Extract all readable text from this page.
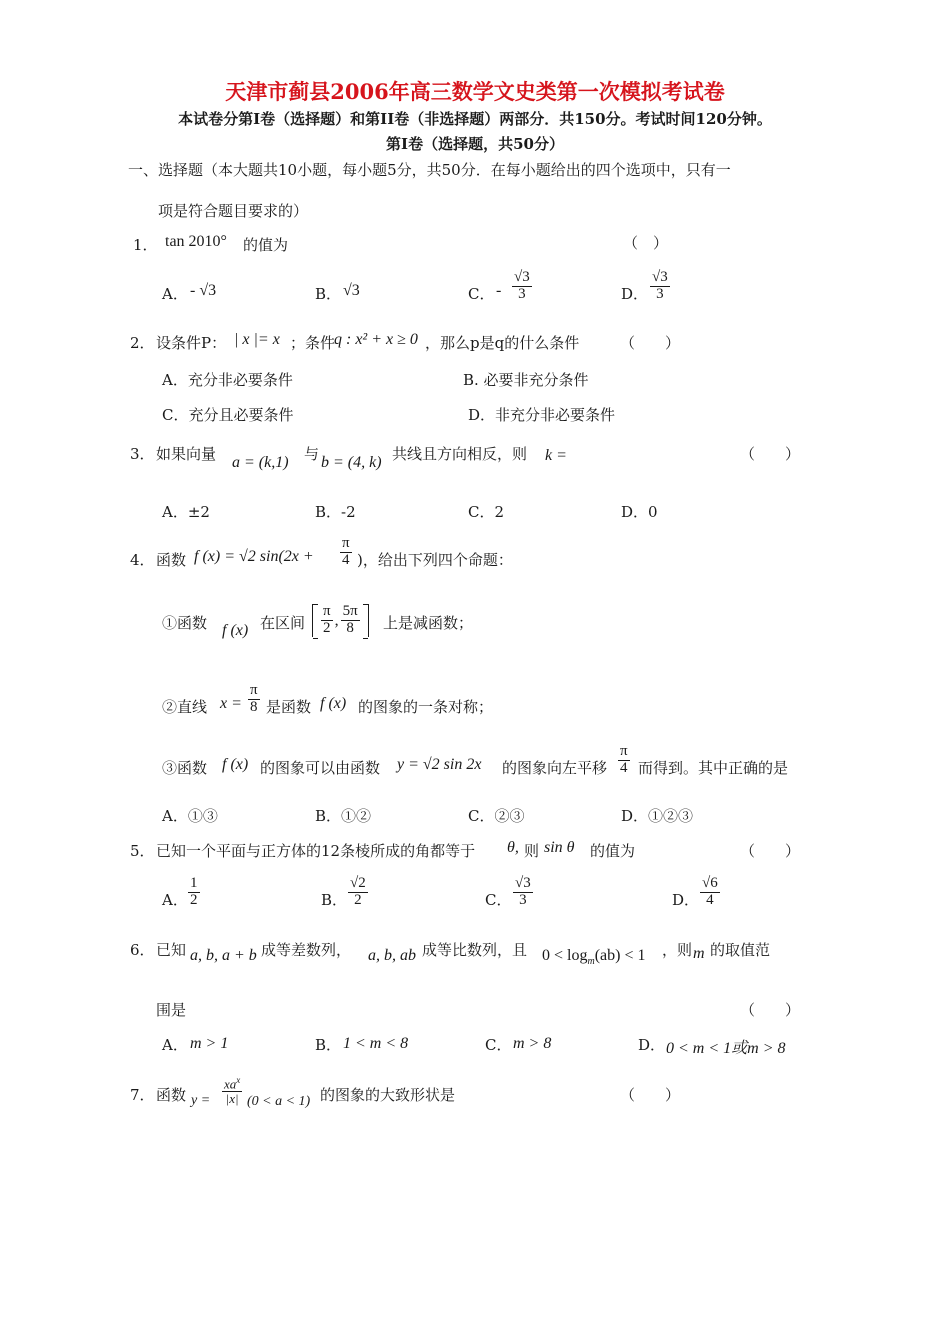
天津市蓟县2006年高三数学文史类第一次模拟考试卷
本试卷分第Ⅰ卷（选择题）和第II卷（非选择题）两部分．共150分。考试时间120分钟。
第Ⅰ卷（选择题，共50分）
一、选择题（本大题共10小题，每小题5分，共50分．在每小题给出的四个选项中，只有一
项是符合题目要求的）
1． tan 2010° 的值为	（　）
A． - √3	B． √3	C． - $\frac{√3}{3}$	D． $\frac{√3}{3}$
2． 设条件P： | x |= x ；条件
q : x² + x ≥ 0 ，那么p是q的什么条件	（　　）
A．充分非必要条件	B. 必要非充分条件
C．充分且必要条件	D．非充分非必要条件
3． 如果向量 a = (k,1) 与 b = (4, k) 共线且方向相反，则 k =	（　　）
A．±2	B．-2	C．2	D．0
4． 函数 f (x) = √2 $\sin(2x + \frac{\pi}{4}$ )，给出下列四个命题：
①函数 f (x) 在区间 $\frac{\pi}{2}$ , $\frac{5\pi}{8}$ 上是减函数；
②直线 $x = \frac{\pi}{8}$ 是函数 f (x) 的图象的一条对称；
③函数 f (x) 的图象可以由函数 y = √2 sin 2x 的图象向左平移 $\frac{\pi}{4}$ 而得到。其中正确的是
A．①③	B．①②	C．②③	D．①②③
5． 已知一个平面与正方体的12条棱所成的角都等于 θ, 则 sin θ 的值为	（　　）
A． $\frac{1}{2}$	B． $\frac{√2}{2}$	C． $\frac{√3}{3}$	D． $\frac{√6}{4}$
6． 已知 a, b, a + b 成等差数列， a, b, ab 成等比数列，且 $0 < \log_m(ab) < 1$ ，则 m 的取值范
围是	（　　）
A． m > 1	B． 1 < m < 8	C． m > 8	D． 0 < m < 1或m > 8
7． 函数 y =
$xa^x$
|x| (0 < a < 1) 的图象的大致形状是	（　　）
